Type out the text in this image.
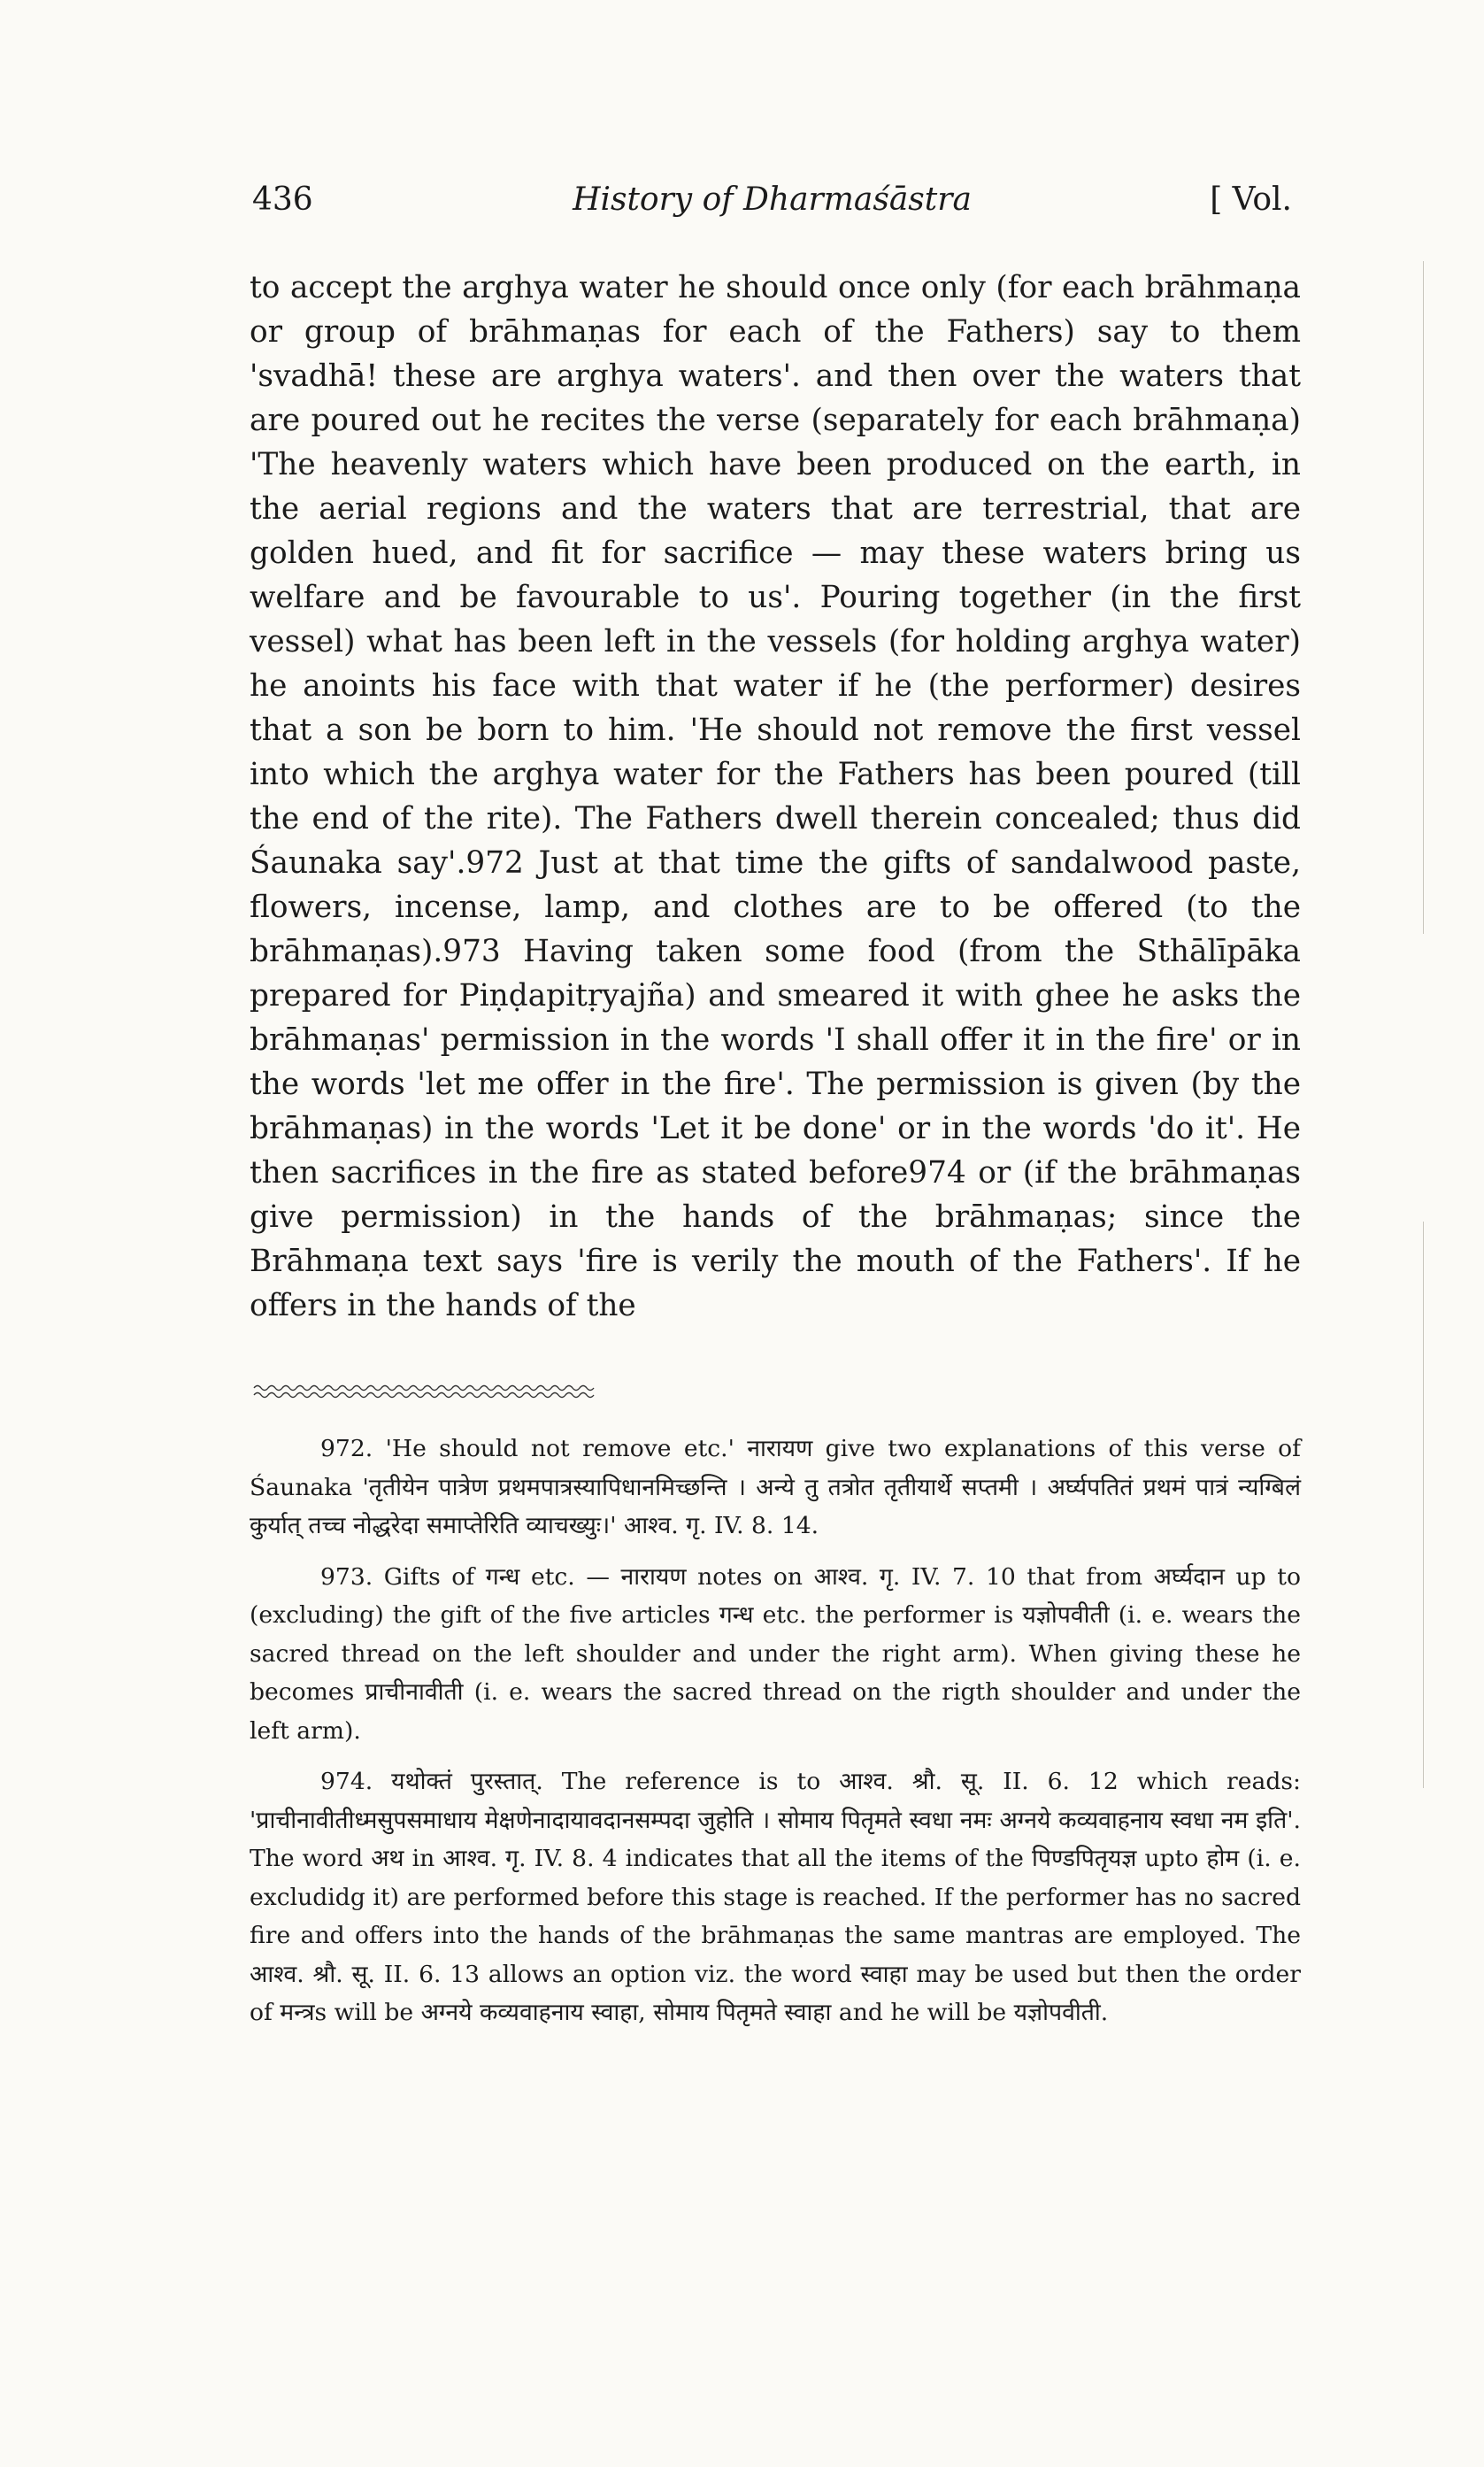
436	History of Dharmaśāstra	[ Vol.

to accept the arghya water he should once only (for each brāhmaṇa or group of brāhmaṇas for each of the Fathers) say to them 'svadhā! these are arghya waters'. and then over the waters that are poured out he recites the verse (separately for each brāhmaṇa) 'The heavenly waters which have been produced on the earth, in the aerial regions and the waters that are terrestrial, that are golden hued, and fit for sacrifice — may these waters bring us welfare and be favourable to us'. Pouring together (in the first vessel) what has been left in the vessels (for holding arghya water) he anoints his face with that water if he (the performer) desires that a son be born to him. 'He should not remove the first vessel into which the arghya water for the Fathers has been poured (till the end of the rite). The Fathers dwell therein concealed; thus did Śaunaka say'.972 Just at that time the gifts of sandalwood paste, flowers, incense, lamp, and clothes are to be offered (to the brāhmaṇas).973 Having taken some food (from the Sthālīpāka prepared for Piṇḍapitṛyajña) and smeared it with ghee he asks the brāhmaṇas' permission in the words 'I shall offer it in the fire' or in the words 'let me offer in the fire'. The permission is given (by the brāhmaṇas) in the words 'Let it be done' or in the words 'do it'. He then sacrifices in the fire as stated before974 or (if the brāhmaṇas give permission) in the hands of the brāhmaṇas; since the Brāhmaṇa text says 'fire is verily the mouth of the Fathers'. If he offers in the hands of the

972. 'He should not remove etc.' नारायण give two explanations of this verse of Śaunaka 'तृतीयेन पात्रेण प्रथमपात्रस्यापिधानमिच्छन्ति । अन्ये तु तत्रोत तृतीयार्थे सप्तमी । अर्घ्यपतितं प्रथमं पात्रं न्यग्बिलं कुर्यात् तच्च नोद्धरेदा समाप्तेरिति व्याचख्युः।' आश्व. गृ. IV. 8. 14.

973. Gifts of गन्ध etc. — नारायण notes on आश्व. गृ. IV. 7. 10 that from अर्घ्यदान up to (excluding) the gift of the five articles गन्ध etc. the performer is यज्ञोपवीती (i. e. wears the sacred thread on the left shoulder and under the right arm). When giving these he becomes प्राचीनावीती (i. e. wears the sacred thread on the rigth shoulder and under the left arm).

974. यथोक्तं पुरस्तात्. The reference is to आश्व. श्रौ. सू. II. 6. 12 which reads: 'प्राचीनावीतीध्मसुपसमाधाय मेक्षणेनादायावदानसम्पदा जुहोति । सोमाय पितृमते स्वधा नमः अग्नये कव्यवाहनाय स्वधा नम इति'. The word अथ in आश्व. गृ. IV. 8. 4 indicates that all the items of the पिण्डपितृयज्ञ upto होम (i. e. excludidg it) are performed before this stage is reached. If the performer has no sacred fire and offers into the hands of the brāhmaṇas the same mantras are employed. The आश्व. श्रौ. सू. II. 6. 13 allows an option viz. the word स्वाहा may be used but then the order of मन्त्रs will be अग्नये कव्यवाहनाय स्वाहा, सोमाय पितृमते स्वाहा and he will be यज्ञोपवीती.
